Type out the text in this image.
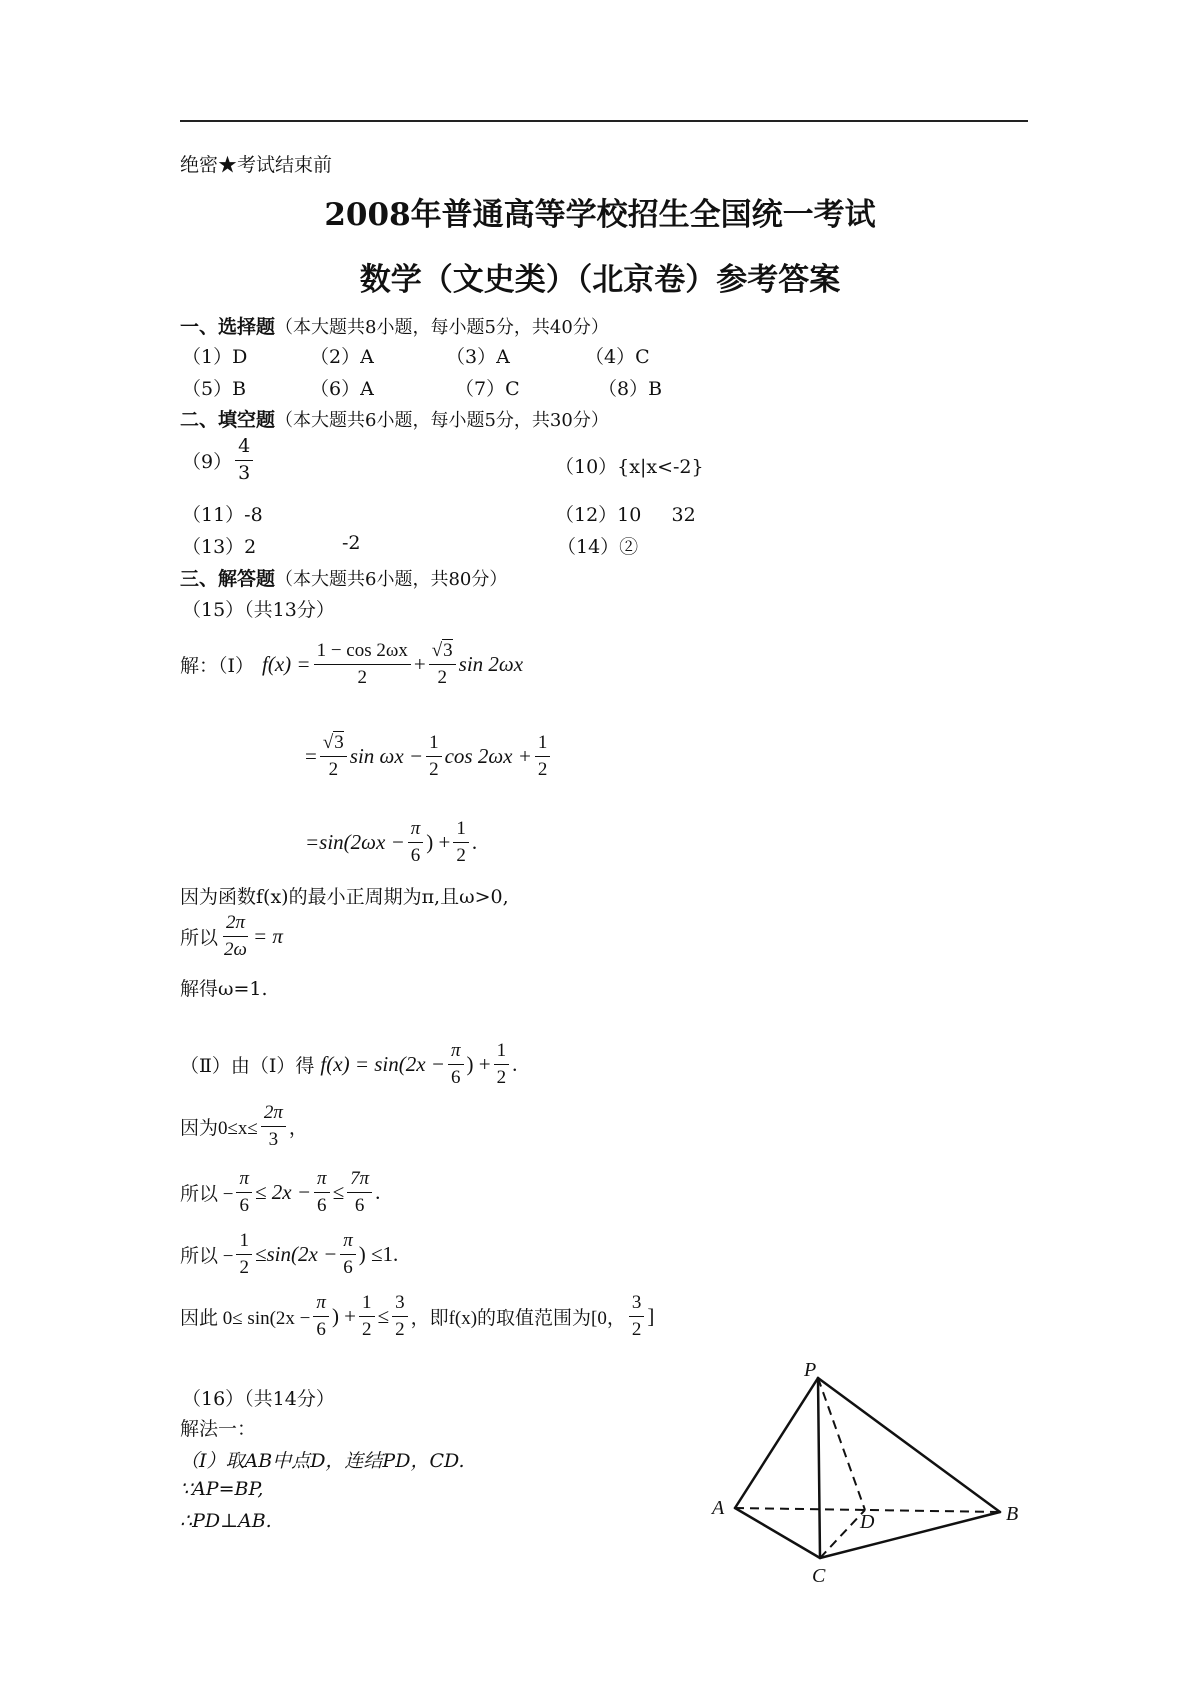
绝密★考试结束前
2008年普通高等学校招生全国统一考试
数学（文史类）（北京卷）参考答案
一、选择题（本大题共8小题，每小题5分，共40分）
（1）D	（2）A	（3）A	（4）C
（5）B	（6）A	（7）C	（8）B
二、填空题（本大题共6小题，每小题5分，共30分）
$(9) \frac{4}{3}$	（10）{x|x<-2}
（11）-8	（12）10     32
（13）2	-2	（14）②
三、解答题（本大题共6小题，共80分）
（15）（共13分）
解：（Ⅰ） $f(x) = \frac{1 - \cos 2\omega x}{2} + \frac{√3}{2}$ sin 2ωx
= $\frac{√3}{2}$ $\sin \omega x - \frac{1}{2}$ $\cos 2\omega x + \frac{1}{2}$
$=\sin(2\omega x - \frac{\pi}{6}$ ) + $\frac{1}{2}$ .
因为函数f(x)的最小正周期为π,且ω>0,
所以 $\frac{2\pi}{2\omega} = \pi$
解得ω=1.
（Ⅱ）由（Ⅰ）得 $f(x) = \sin(2x - \frac{\pi}{6}$ ) + $\frac{1}{2}$ .
因为$0\le x\le \frac{2\pi}{3}$ ，
所以 − $\frac{\pi}{6} \le 2x - \frac{\pi}{6} \le \frac{7\pi}{6}$ .
所以 − $\frac{1}{2} \le\sin(2x - \frac{\pi}{6}$ ) ≤1.
因此 $0\le \sin(2x - \frac{\pi}{6}$ ) + $\frac{1}{2} \le \frac{3}{2}$ ，即f(x)的取值范围为[0， $\frac{3}{2}$ ]
（16）（共14分）
解法一：
（Ⅰ）取AB中点D，连结PD，CD.
∵AP=BP,
∴PD⊥AB.
P
A	B
C
D
